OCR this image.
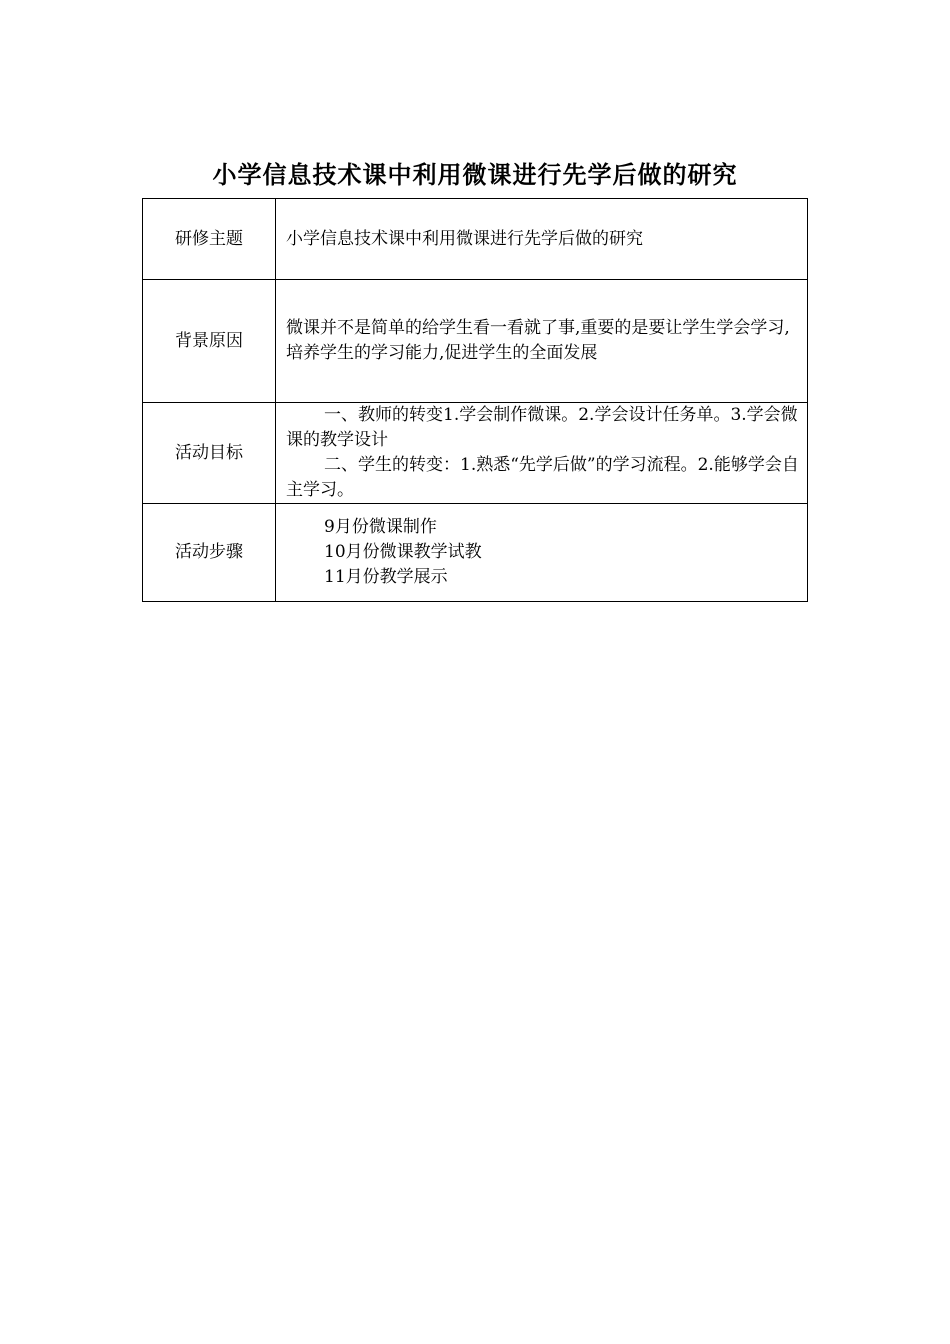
小学信息技术课中利用微课进行先学后做的研究
研修主题	小学信息技术课中利用微课进行先学后做的研究
背景原因	微课并不是简单的给学生看一看就了事,重要的是要让学生学会学习,培养学生的学习能力,促进学生的全面发展
活动目标	一、教师的转变1.学会制作微课。2.学会设计任务单。3.学会微课的教学设计
二、学生的转变：1.熟悉“先学后做”的学习流程。2.能够学会自主学习。

活动步骤	9月份微课制作
10月份微课教学试教
11月份教学展示
